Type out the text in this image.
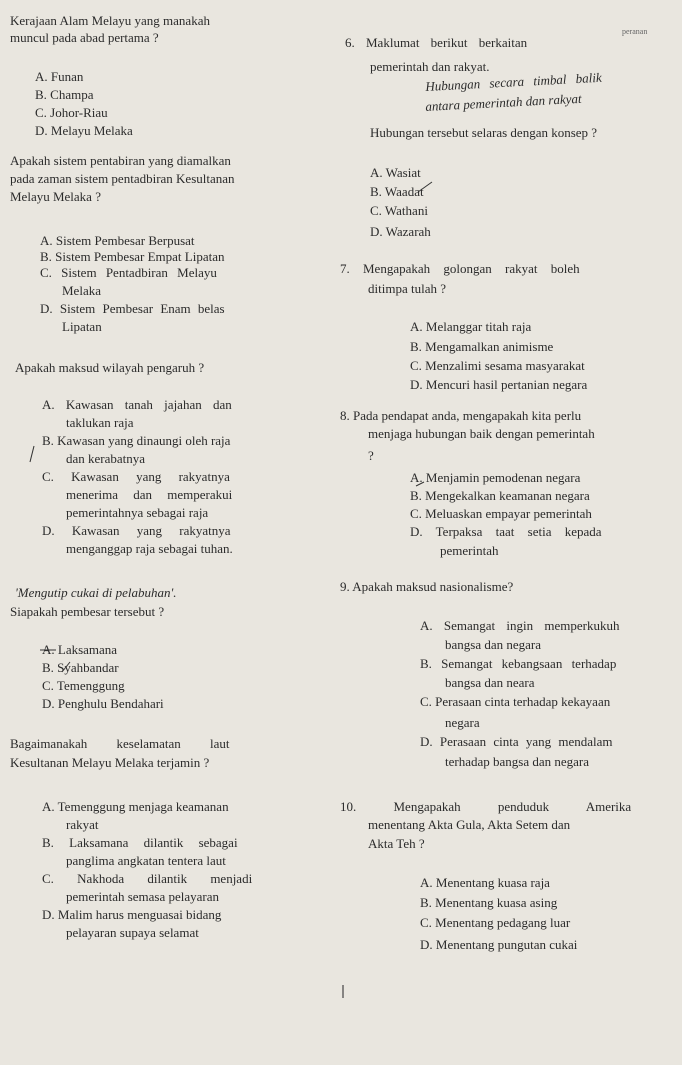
Kerajaan Alam Melayu yang manakah
muncul pada abad pertama ?
A. Funan
B. Champa
C. Johor-Riau
D. Melayu Melaka
Apakah sistem pentabiran yang diamalkan
pada zaman sistem pentadbiran Kesultanan
Melayu Melaka ?
A. Sistem Pembesar Berpusat
B. Sistem Pembesar Empat Lipatan
C. Sistem Pentadbiran Melayu
Melaka
D. Sistem Pembesar Enam belas
Lipatan
Apakah maksud wilayah pengaruh ?
A. Kawasan tanah jajahan dan
taklukan raja
B. Kawasan yang dinaungi oleh raja
dan kerabatnya
C. Kawasan yang rakyatnya
menerima dan memperakui
pemerintahnya sebagai raja
D. Kawasan yang rakyatnya
menganggap raja sebagai tuhan.
'Mengutip cukai di pelabuhan'.
Siapakah pembesar tersebut ?
A. Laksamana
B. Syahbandar
C. Temenggung
D. Penghulu Bendahari
Bagaimanakah keselamatan laut
Kesultanan Melayu Melaka terjamin ?
A. Temenggung menjaga keamanan
rakyat
B. Laksamana dilantik sebagai
panglima angkatan tentera laut
C. Nakhoda dilantik menjadi
pemerintah semasa pelayaran
D. Malim harus menguasai bidang
pelayaran supaya selamat
6. Maklumat berikut berkaitan
peranan
pemerintah dan rakyat.
Hubungan secara timbal balik
antara pemerintah dan rakyat
Hubungan tersebut selaras dengan konsep ?
A. Wasiat
B. Waadat
C. Wathani
D. Wazarah
7. Mengapakah golongan rakyat boleh
ditimpa tulah ?
A. Melanggar titah raja
B. Mengamalkan animisme
C. Menzalimi sesama masyarakat
D. Mencuri hasil pertanian negara
8. Pada pendapat anda, mengapakah kita perlu
menjaga hubungan baik dengan pemerintah
?
A. Menjamin pemodenan negara
B. Mengekalkan keamanan negara
C. Meluaskan empayar pemerintah
D. Terpaksa taat setia kepada
pemerintah
9. Apakah maksud nasionalisme?
A. Semangat ingin memperkukuh
bangsa dan negara
B. Semangat kebangsaan terhadap
bangsa dan neara
C. Perasaan cinta terhadap kekayaan
negara
D. Perasaan cinta yang mendalam
terhadap bangsa dan negara
10. Mengapakah penduduk Amerika
menentang Akta Gula, Akta Setem dan
Akta Teh ?
A. Menentang kuasa raja
B. Menentang kuasa asing
C. Menentang pedagang luar
D. Menentang pungutan cukai
